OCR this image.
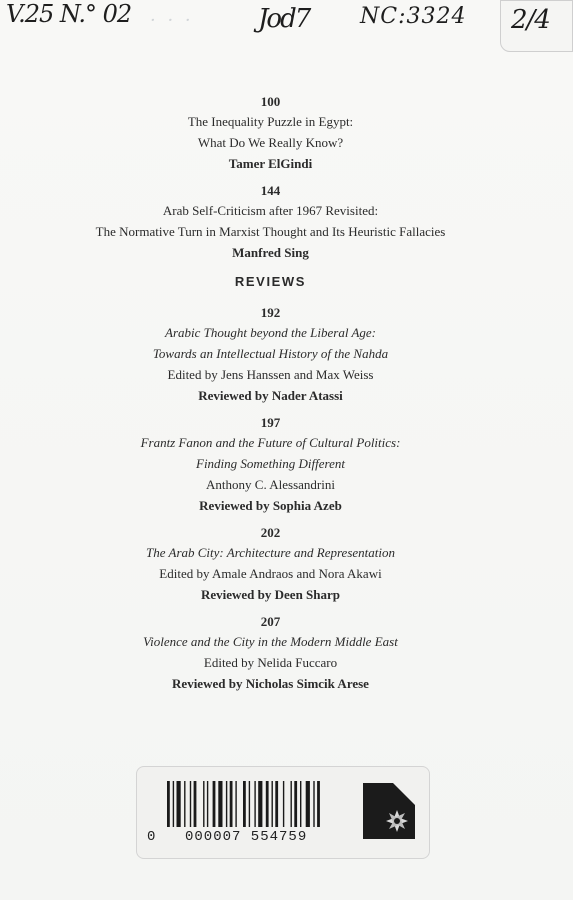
· · ·
V.25 N.° 02	Jod7 NC:3324 2/4
100
The Inequality Puzzle in Egypt:
What Do We Really Know?
Tamer ElGindi
144
Arab Self-Criticism after 1967 Revisited:
The Normative Turn in Marxist Thought and Its Heuristic Fallacies
Manfred Sing
REVIEWS
192
Arabic Thought beyond the Liberal Age:
Towards an Intellectual History of the Nahda
Edited by Jens Hanssen and Max Weiss
Reviewed by Nader Atassi
197
Frantz Fanon and the Future of Cultural Politics:
Finding Something Different
Anthony C. Alessandrini
Reviewed by Sophia Azeb
202
The Arab City: Architecture and Representation
Edited by Amale Andraos and Nora Akawi
Reviewed by Deen Sharp
207
Violence and the City in the Modern Middle East
Edited by Nelida Fuccaro
Reviewed by Nicholas Simcik Arese
0 000007 554759
